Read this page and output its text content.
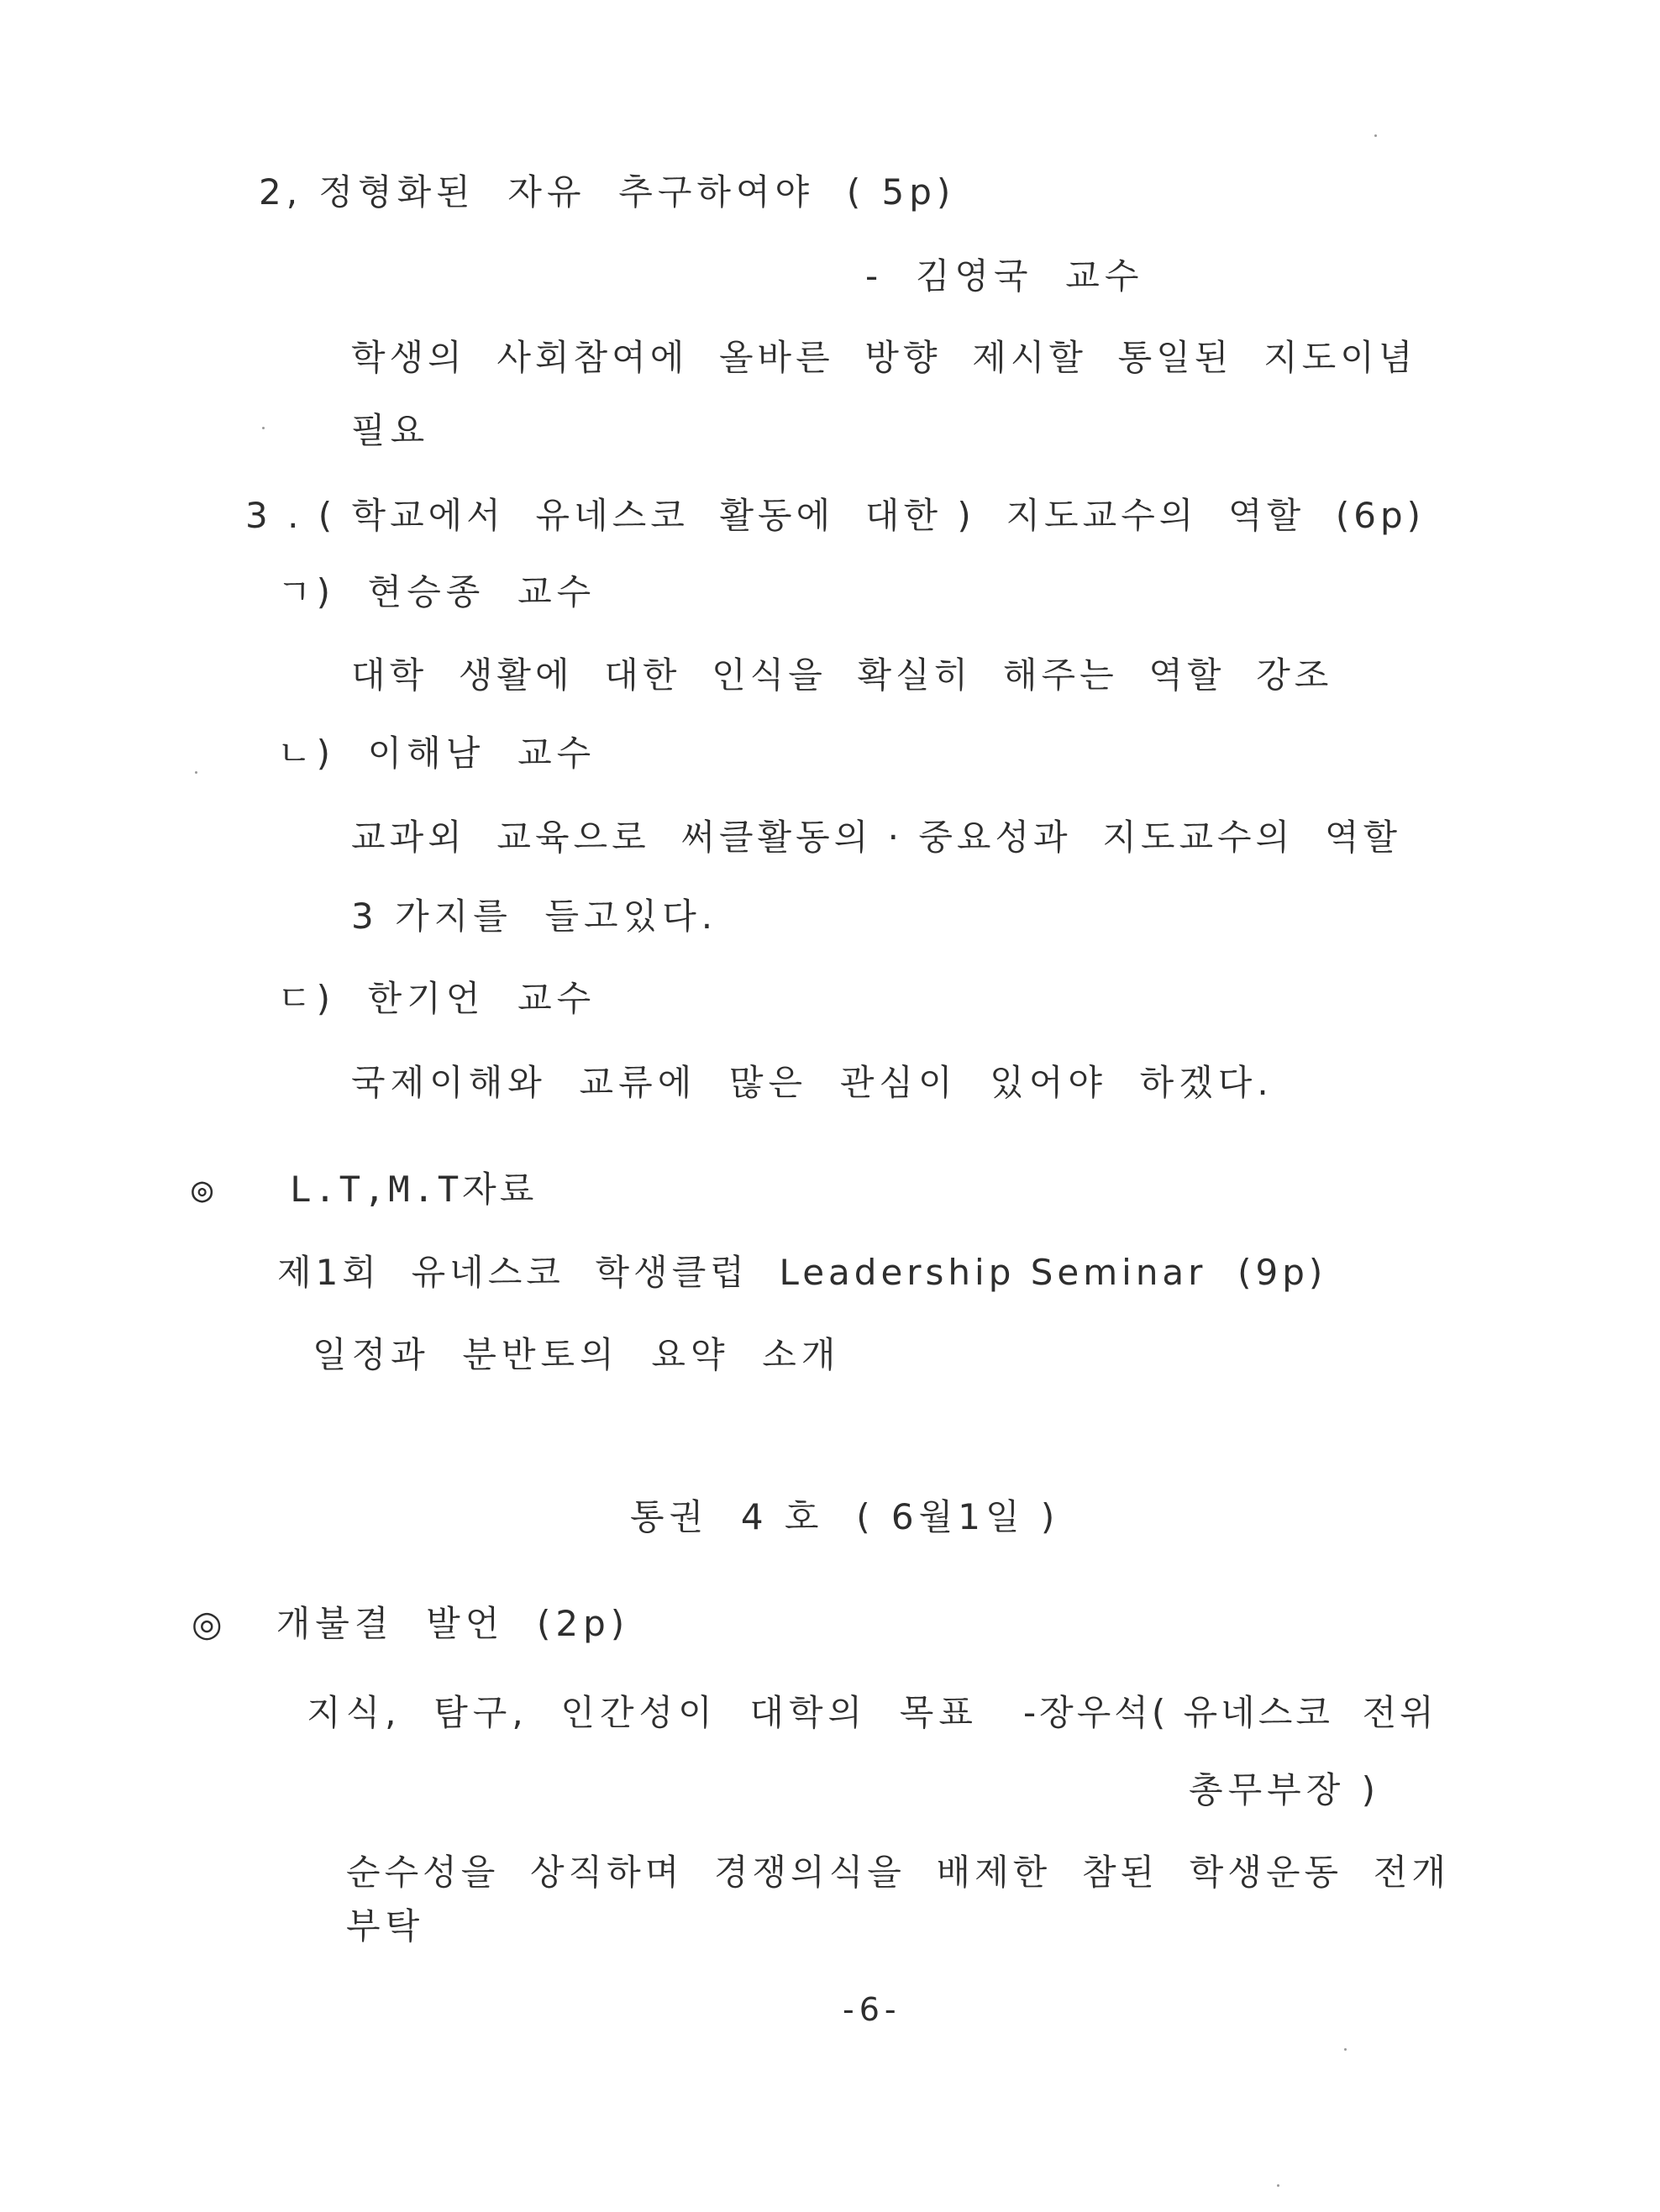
2, 정형화된  자유  추구하여야  ( 5p)
-  김영국  교수
학생의  사회참여에  올바른  방향  제시할  통일된  지도이념
필요
3 . ( 학교에서  유네스코  활동에  대한 )  지도교수의  역할  (6p)
ㄱ)  현승종  교수
대학  생활에  대한  인식을  확실히  해주는  역할  강조
ㄴ)  이해남  교수
교과외  교육으로  써클활동의 · 중요성과  지도교수의  역할
3 가지를  들고있다.
ㄷ)  한기언  교수
국제이해와  교류에  많은  관심이  있어야  하겠다.
◎   L.T,M.T자료
제1회  유네스코  학생클럽  Leadership Seminar  (9p)
일정과  분반토의  요약  소개
통권  4 호  ( 6월1일 )
◎   개불결  발언  (2p)
지식,  탐구,  인간성이  대학의  목표 -장우석( 유네스코  전위
총무부장 )
순수성을  상직하며  경쟁의식을  배제한  참된  학생운동  전개
부탁
-6-
